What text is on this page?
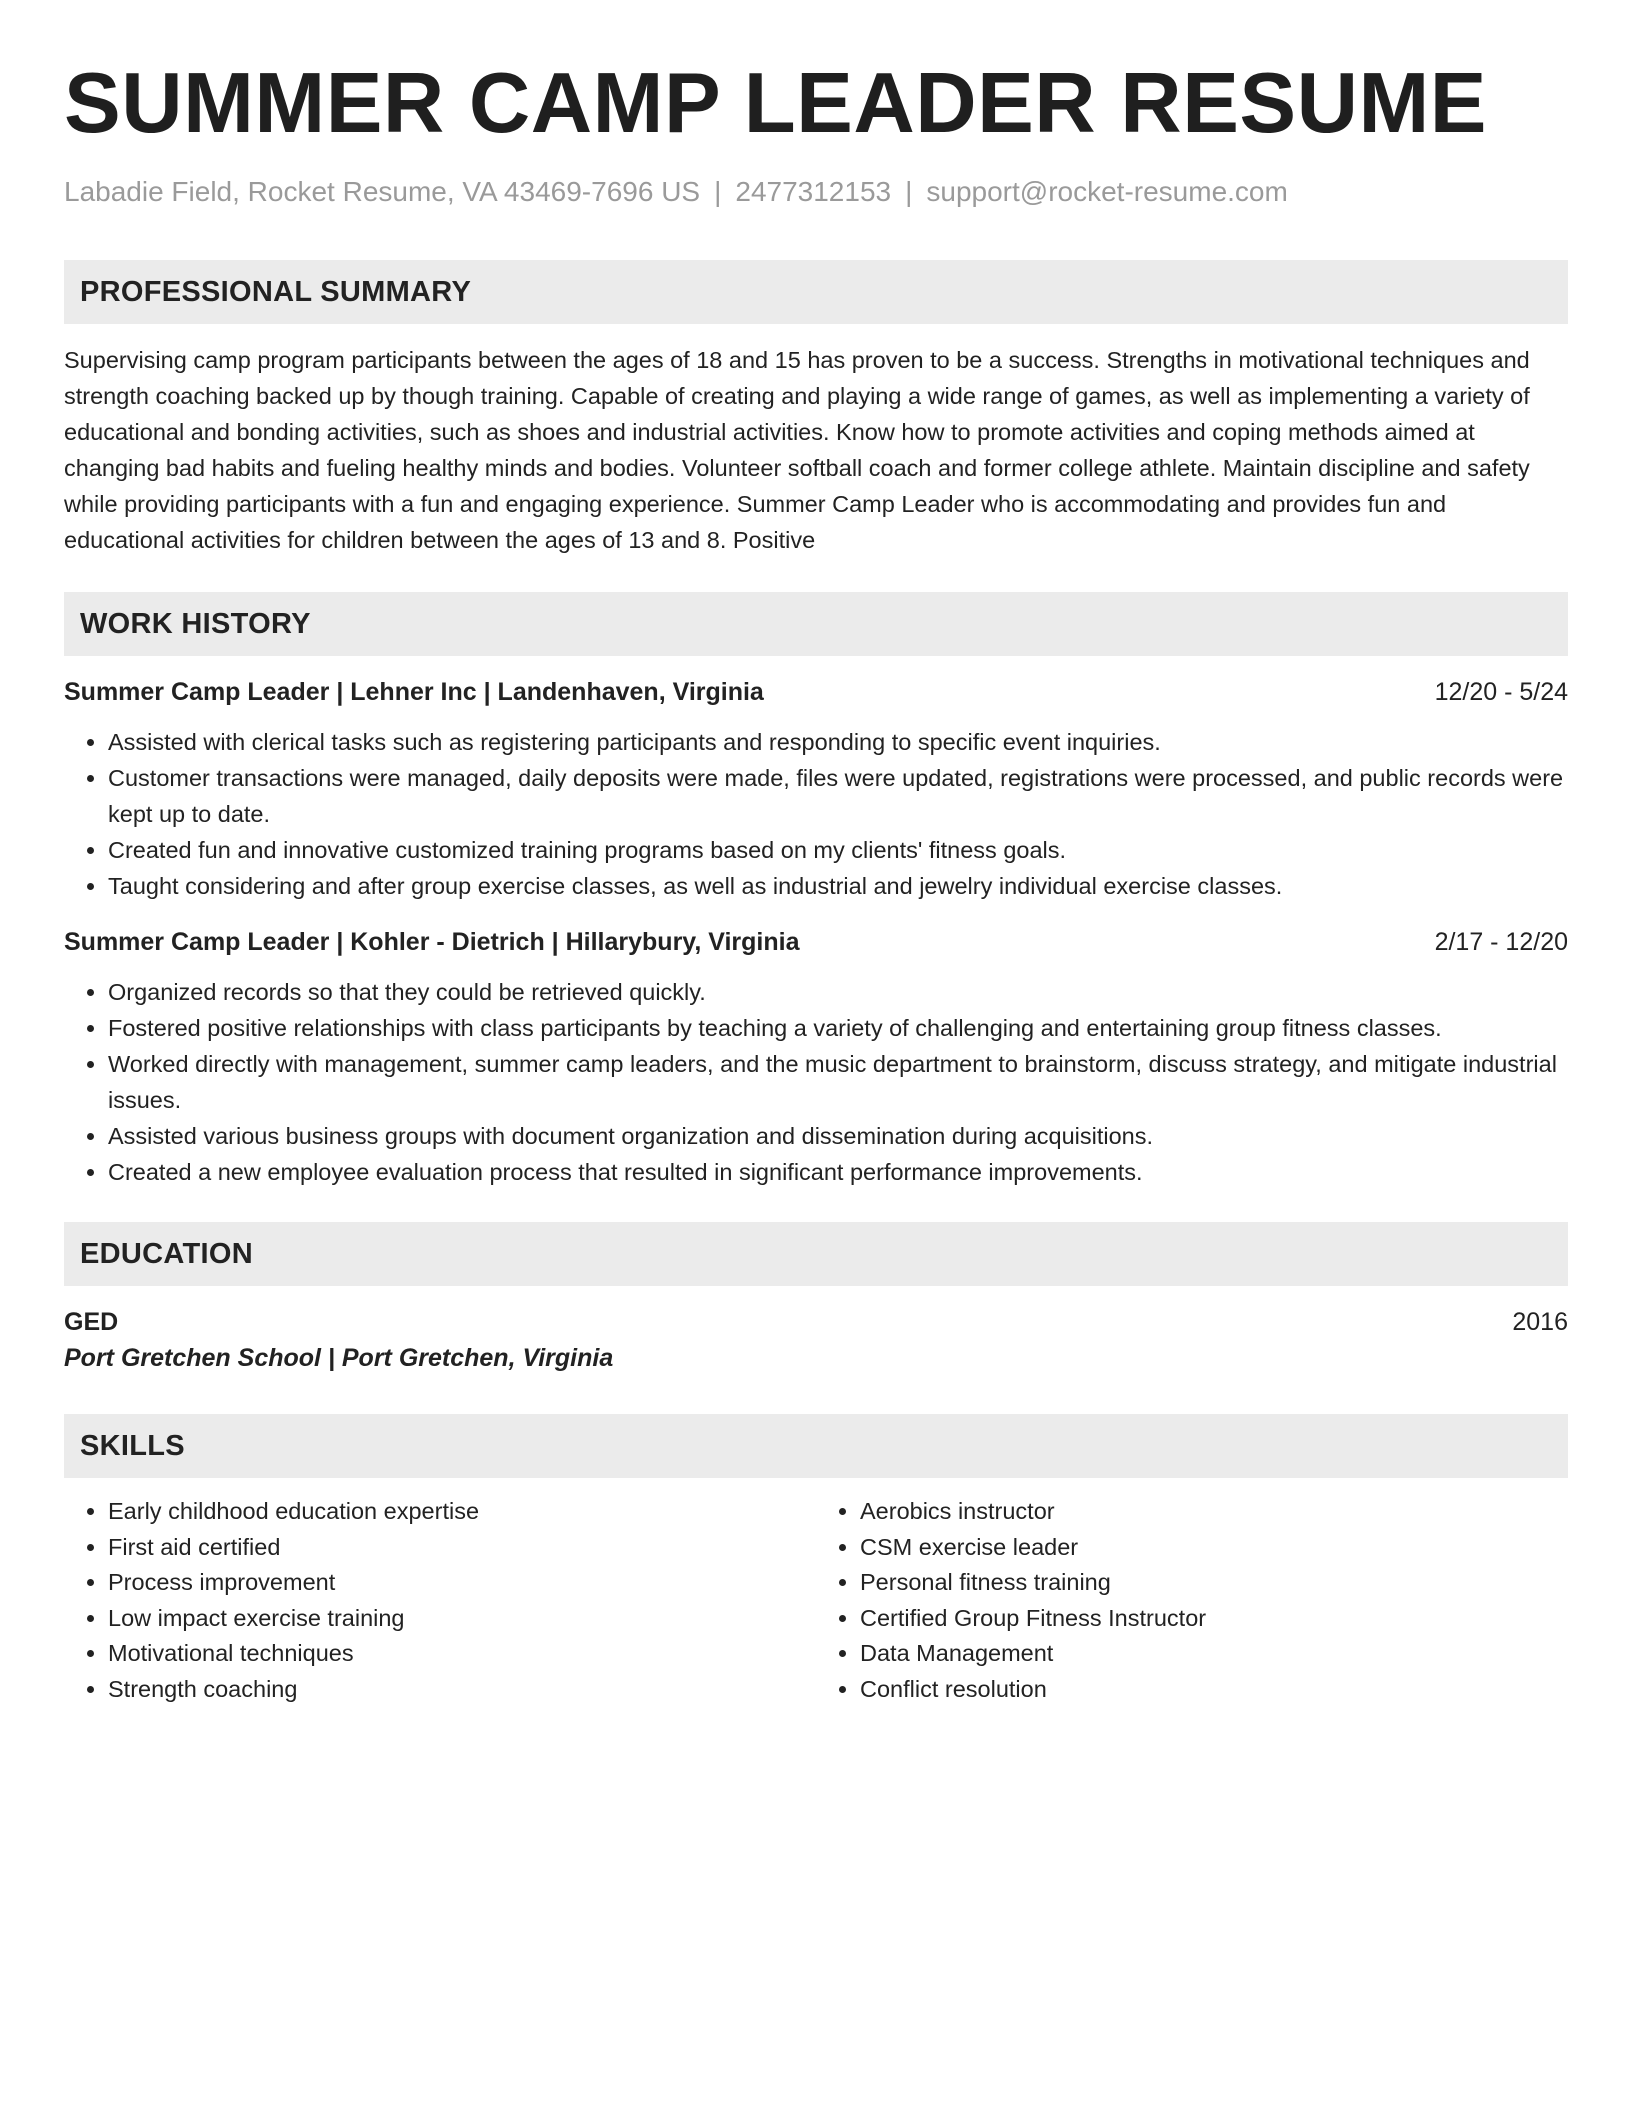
SUMMER CAMP LEADER RESUME
Labadie Field, Rocket Resume, VA 43469-7696 US | 2477312153 | support@rocket-resume.com
PROFESSIONAL SUMMARY

Supervising camp program participants between the ages of 18 and 15 has proven to be a success. Strengths in motivational techniques and strength coaching backed up by though training. Capable of creating and playing a wide range of games, as well as implementing a variety of educational and bonding activities, such as shoes and industrial activities. Know how to promote activities and coping methods aimed at changing bad habits and fueling healthy minds and bodies. Volunteer softball coach and former college athlete. Maintain discipline and safety while providing participants with a fun and engaging experience. Summer Camp Leader who is accommodating and provides fun and educational activities for children between the ages of 13 and 8. Positive

WORK HISTORY
Summer Camp Leader | Lehner Inc | Landenhaven, Virginia	12/20 - 5/24
• Assisted with clerical tasks such as registering participants and responding to specific event inquiries.
• Customer transactions were managed, daily deposits were made, files were updated, registrations were processed, and public records were kept up to date.
• Created fun and innovative customized training programs based on my clients' fitness goals.
• Taught considering and after group exercise classes, as well as industrial and jewelry individual exercise classes.
Summer Camp Leader | Kohler - Dietrich | Hillarybury, Virginia	2/17 - 12/20
• Organized records so that they could be retrieved quickly.
• Fostered positive relationships with class participants by teaching a variety of challenging and entertaining group fitness classes.
• Worked directly with management, summer camp leaders, and the music department to brainstorm, discuss strategy, and mitigate industrial issues.
• Assisted various business groups with document organization and dissemination during acquisitions.
• Created a new employee evaluation process that resulted in significant performance improvements.
EDUCATION
GED	2016
Port Gretchen School | Port Gretchen, Virginia
SKILLS
• Early childhood education expertise
• First aid certified
• Process improvement
• Low impact exercise training
• Motivational techniques
• Strength coaching
• Aerobics instructor
• CSM exercise leader
• Personal fitness training
• Certified Group Fitness Instructor
• Data Management
• Conflict resolution
